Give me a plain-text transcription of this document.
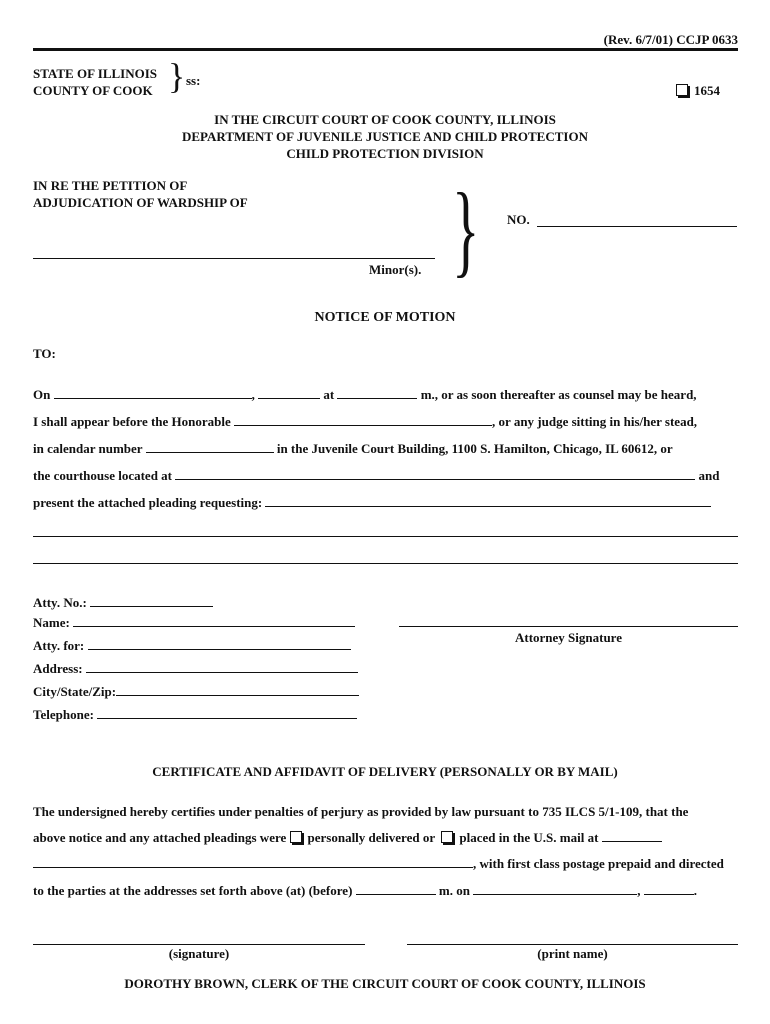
(Rev. 6/7/01) CCJP 0633
STATE OF ILLINOIS
COUNTY OF COOK } ss:
1654
IN THE CIRCUIT COURT OF COOK COUNTY, ILLINOIS
DEPARTMENT OF JUVENILE JUSTICE AND CHILD PROTECTION
CHILD PROTECTION DIVISION
IN RE THE PETITION OF
ADJUDICATION OF WARDSHIP OF
Minor(s). } NO.
NOTICE OF MOTION
TO:
On	,	at	m., or as soon thereafter as counsel may be heard,
I shall appear before the Honorable	, or any judge sitting in his/her stead,
in calendar number	in the Juvenile Court Building, 1100 S. Hamilton, Chicago, IL 60612, or
the courthouse located at	and
present the attached pleading requesting:
Atty. No.:
Name:
Atty. for:
Address:
City/State/Zip:
Telephone:
Attorney Signature
CERTIFICATE AND AFFIDAVIT OF DELIVERY (PERSONALLY OR BY MAIL)
The undersigned hereby certifies under penalties of perjury as provided by law pursuant to 735 ILCS 5/1-109, that the
above notice and any attached pleadings were personally delivered or placed in the U.S. mail at
, with first class postage prepaid and directed
to the parties at the addresses set forth above (at) (before)	m. on	,	.
(signature)	(print name)
DOROTHY BROWN, CLERK OF THE CIRCUIT COURT OF COOK COUNTY, ILLINOIS
